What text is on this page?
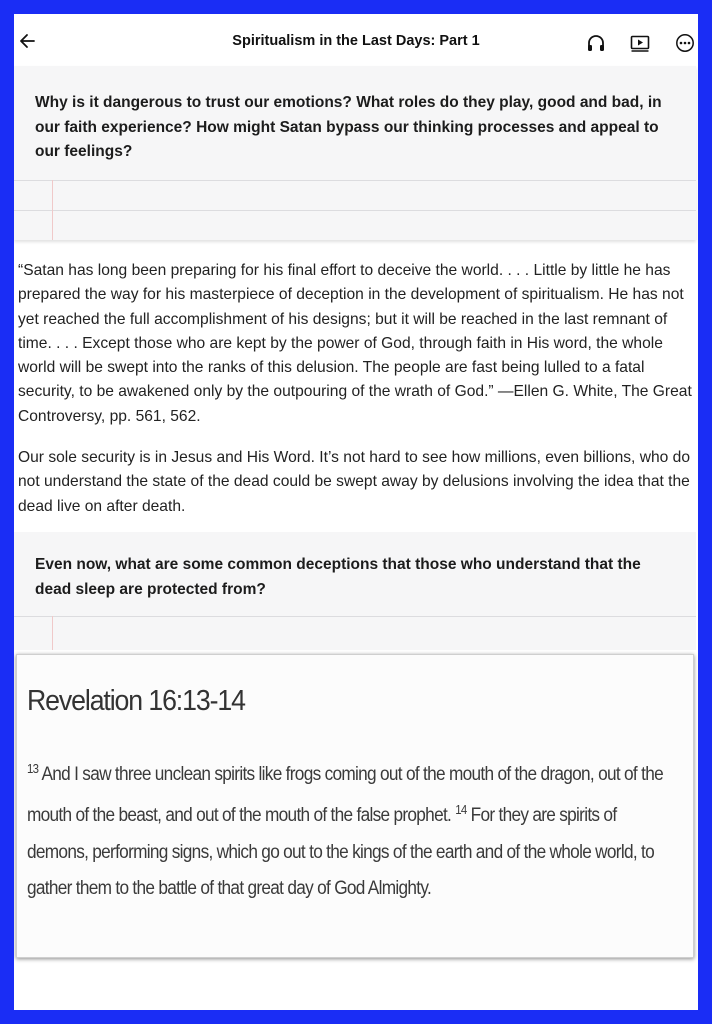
Spiritualism in the Last Days: Part 1
Why is it dangerous to trust our emotions? What roles do they play, good and bad, in our faith experience? How might Satan bypass our thinking processes and appeal to our feelings?
“Satan has long been preparing for his final effort to deceive the world. . . . Little by little he has prepared the way for his masterpiece of deception in the development of spiritualism. He has not yet reached the full accomplishment of his designs; but it will be reached in the last remnant of time. . . . Except those who are kept by the power of God, through faith in His word, the whole world will be swept into the ranks of this delusion. The people are fast being lulled to a fatal security, to be awakened only by the outpouring of the wrath of God.” —Ellen G. White, The Great Controversy, pp. 561, 562.
Our sole security is in Jesus and His Word. It’s not hard to see how millions, even billions, who do not understand the state of the dead could be swept away by delusions involving the idea that the dead live on after death.
Even now, what are some common deceptions that those who understand that the dead sleep are protected from?
Revelation 16:13-14
$^{13}$ And I saw three unclean spirits like frogs coming out of the mouth of the dragon, out of the mouth of the beast, and out of the mouth of the false prophet. $^{14}$ For they are spirits of demons, performing signs, which go out to the kings of the earth and of the whole world, to gather them to the battle of that great day of God Almighty.
